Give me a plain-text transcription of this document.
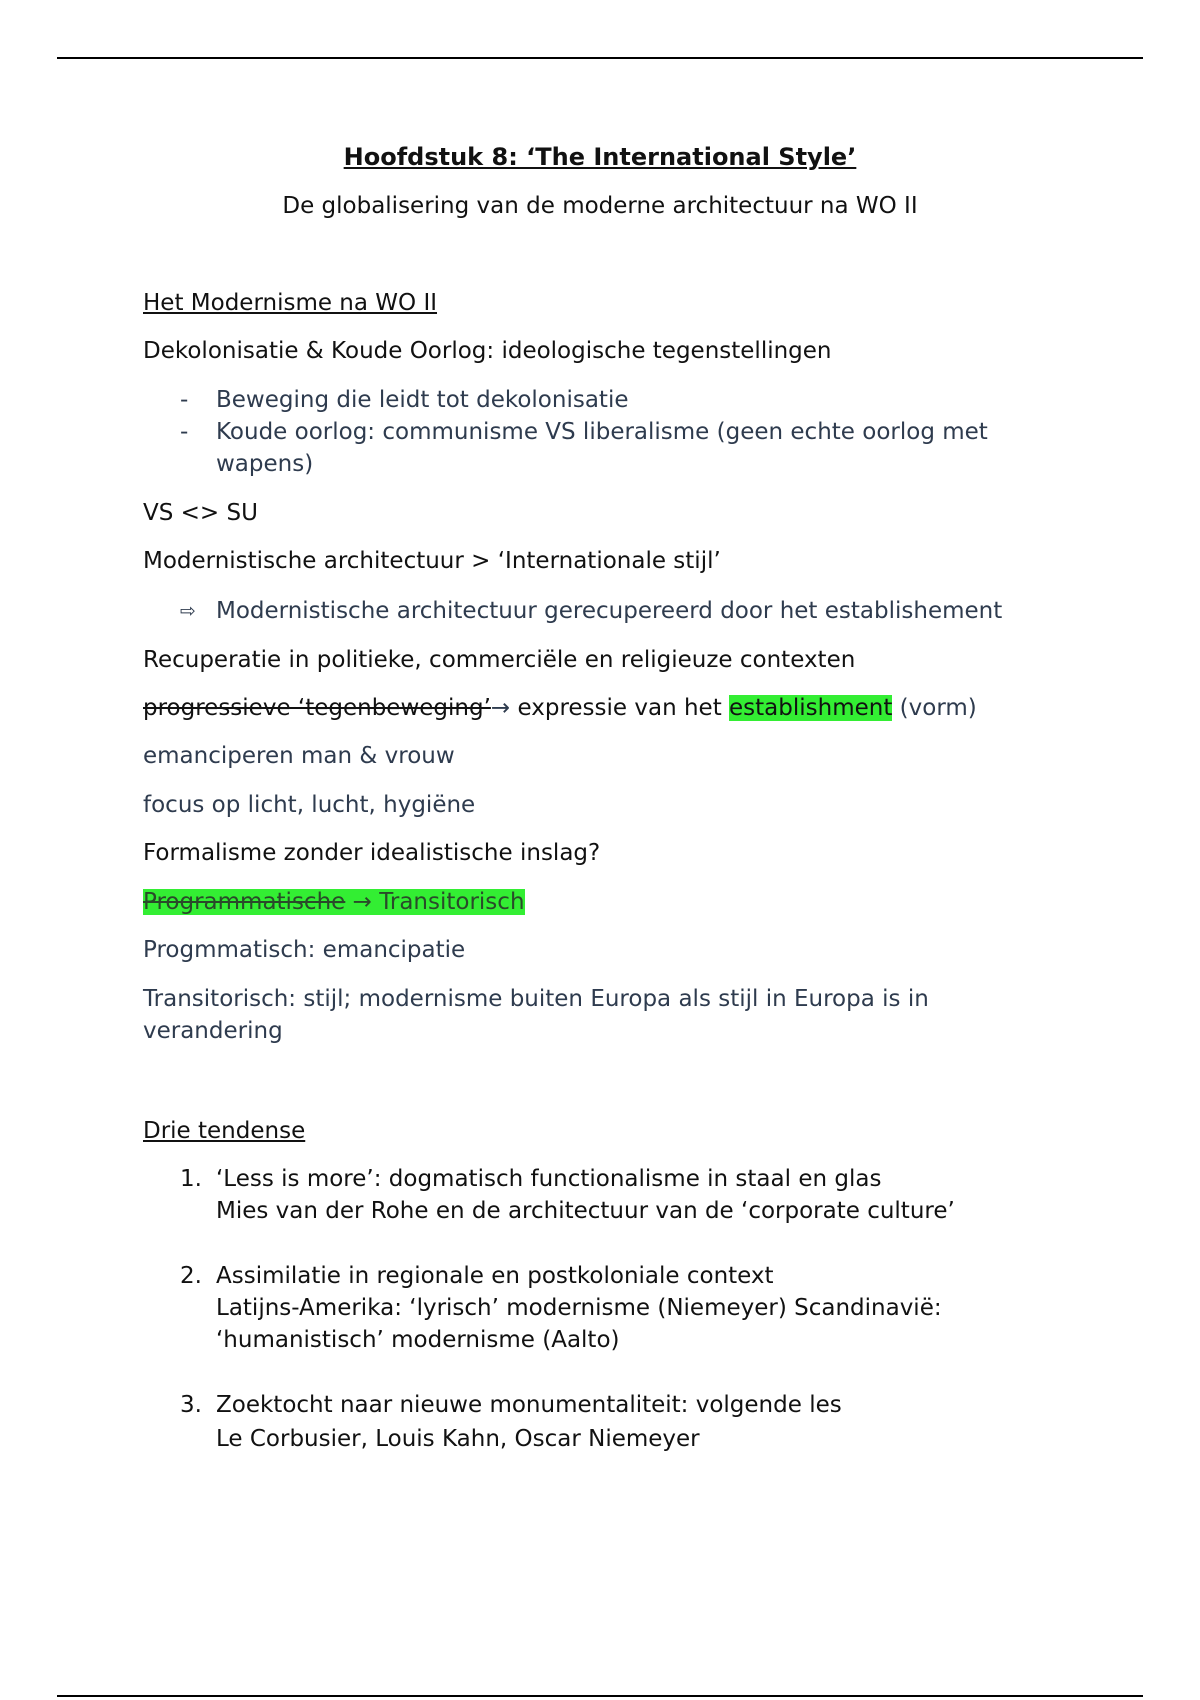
Hoofdstuk 8: ‘The International Style’
De globalisering van de moderne architectuur na WO II
Het Modernisme na WO II
Dekolonisatie & Koude Oorlog: ideologische tegenstellingen
- Beweging die leidt tot dekolonisatie
- Koude oorlog: communisme VS liberalisme (geen echte oorlog met
wapens)
VS <> SU
Modernistische architectuur > ‘Internationale stijl’
⇨ Modernistische architectuur gerecupereerd door het establishement
Recuperatie in politieke, commerciële en religieuze contexten
progressieve ‘tegenbeweging’→ expressie van het establishment (vorm)
emanciperen man & vrouw
focus op licht, lucht, hygiëne
Formalisme zonder idealistische inslag?
Programmatische → Transitorisch
Progmmatisch: emancipatie
Transitorisch: stijl; modernisme buiten Europa als stijl in Europa is in
verandering
Drie tendense
1. ‘Less is more’: dogmatisch functionalisme in staal en glas
Mies van der Rohe en de architectuur van de ‘corporate culture’
2. Assimilatie in regionale en postkoloniale context
Latijns-Amerika: ‘lyrisch’ modernisme (Niemeyer) Scandinavië:
‘humanistisch’ modernisme (Aalto)
3. Zoektocht naar nieuwe monumentaliteit: volgende les
Le Corbusier, Louis Kahn, Oscar Niemeyer
